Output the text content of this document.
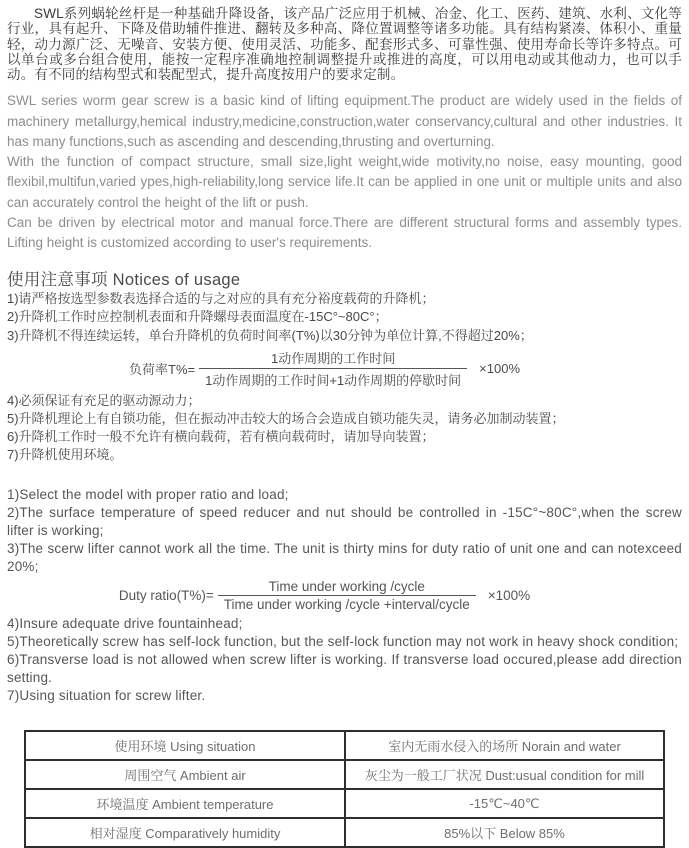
SWL系列蜗轮丝杆是一种基础升降设备，该产品广泛应用于机械、冶金、化工、医药、建筑、水利、文化等行业，具有起升、下降及借助辅件推进、翻转及多种高、降位置调整等诸多功能。具有结构紧凑、体积小、重量轻，动力源广泛、无噪音、安装方便、使用灵活、功能多、配套形式多、可靠性强、使用寿命长等许多特点。可以单台或多台组合使用，能按一定程序准确地控制调整提升或推进的高度，可以用电动或其他动力，也可以手动。有不同的结构型式和装配型式，提升高度按用户的要求定制。

SWL series worm gear screw is a basic kind of lifting equipment.The product are widely used in the fields of machinery metallurgy,hemical industry,medicine,construction,water conservancy,cultural and other industries. It has many functions,such as ascending and descending,thrusting and overturning.

With the function of compact structure, small size,light weight,wide motivity,no noise, easy mounting, good flexibil,multifun,varied ypes,high-reliability,long service life.It can be applied in one unit or multiple units and also can accurately control the height of the lift or push.

Can be driven by electrical motor and manual force.There are different structural forms and assembly types. Lifting height is customized according to user's requirements.

使用注意事项 Notices of usage
1)请严格按选型参数表选择合适的与之对应的具有充分裕度载荷的升降机；
2)升降机工作时应控制机表面和升降螺母表面温度在-15C°~80C°；
3)升降机不得连续运转，单台升降机的负荷时间率(T%)以30分钟为单位计算,不得超过20%；
负荷率$T\%= \frac{\text{1动作周期的工作时间}}{\text{1动作周期的工作时间+1动作周期的停歇时间}} \times 100\%$
4)必须保证有充足的驱动源动力；
5)升降机理论上有自锁功能，但在振动冲击较大的场合会造成自锁功能失灵，请务必加制动装置；
6)升降机工作时一般不允许有横向载荷，若有横向载荷时，请加导向装置；
7)升降机使用环境。
1)Select the model with proper ratio and load;
2)The surface temperature of speed reducer and nut should be controlled in -15C°~80C°,when the screw lifter is working;
3)The scerw lifter cannot work all the time. The unit is thirty mins for duty ratio of unit one and can notexceed 20%;
Duty ratio(T%)= $\frac{\text{Time under working /cycle}}{\text{Time under working /cycle +interval/cycle}} \times 100\%$
4)Insure adequate drive fountainhead;
5)Theoretically screw has self-lock function, but the self-lock function may not work in heavy shock condition;
6)Transverse load is not allowed when screw lifter is working. If transverse load occured,please add direction setting.
7)Using situation for screw lifter.
使用环境 Using situation	室内无雨水侵入的场所 Norain and water
周围空气 Ambient air	灰尘为一般工厂状况 Dust:usual condition for mill
环境温度 Ambient temperature	-15℃~40℃
相对湿度 Comparatively humidity	85%以下 Below 85%
